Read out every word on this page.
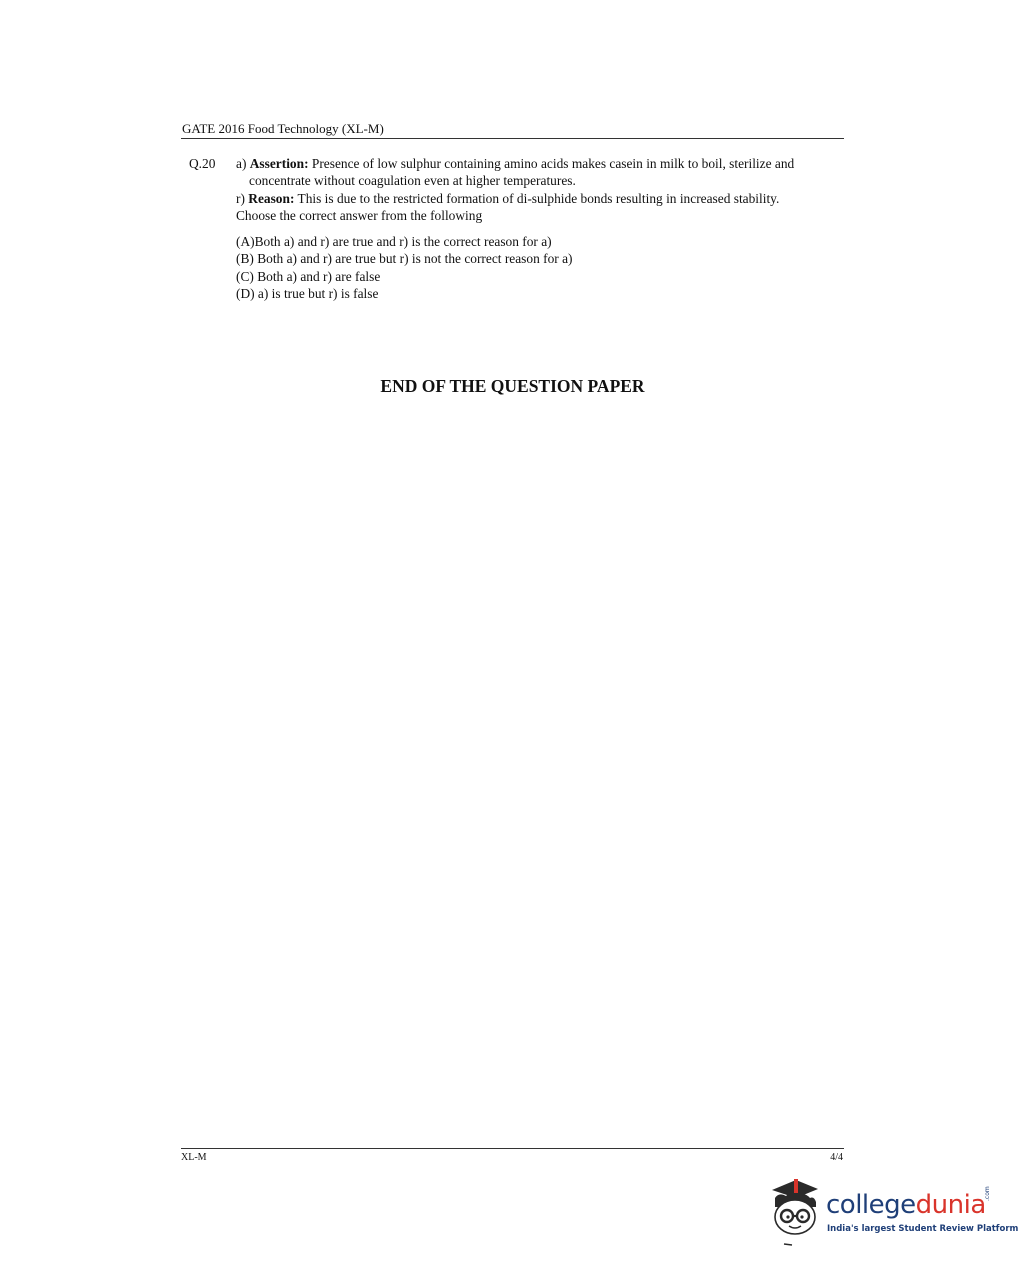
GATE 2016 Food Technology (XL-M)
Q.20 a) Assertion: Presence of low sulphur containing amino acids makes casein in milk to boil, sterilize and concentrate without coagulation even at higher temperatures.

r) Reason: This is due to the restricted formation of di-sulphide bonds resulting in increased stability.

Choose the correct answer from the following

(A)Both a) and r) are true and r) is the correct reason for a)
(B) Both a) and r) are true but r) is not the correct reason for a)
(C) Both a) and r) are false
(D) a) is true but r) is false
END OF THE QUESTION PAPER
XL-M	4/4
collegedunia
.com
India's largest Student Review Platform
